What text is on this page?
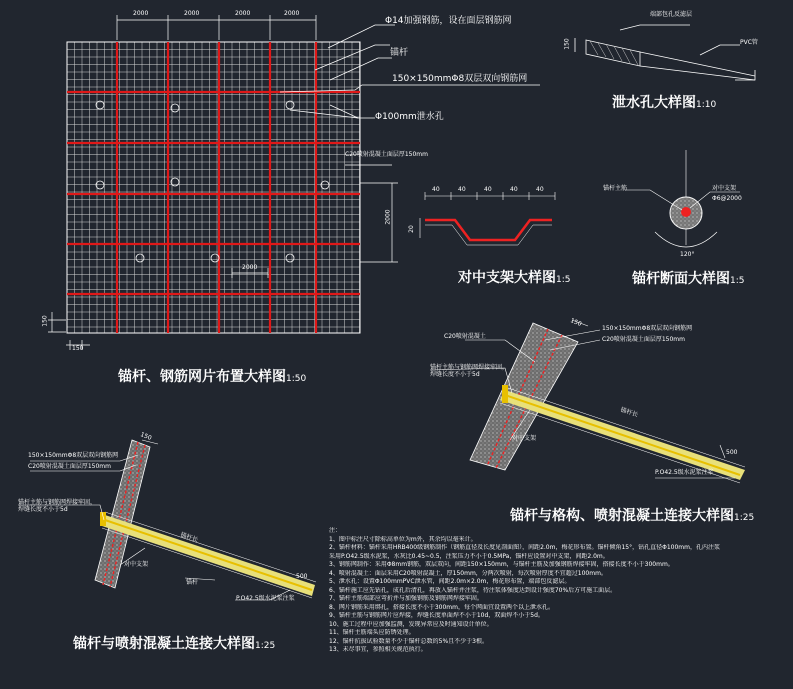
2000	2000	2000	2000
2000
2000
150
150
Φ14加强钢筋，设在面层钢筋网
锚杆
150×150mmΦ8双层双向钢筋网
Φ100mm泄水孔
C20喷射混凝土面层厚150mm
锚杆、钢筋网片布置大样图1:50
端部包孔反滤层
PVC管
150
泄水孔大样图1:10
40	40	40	40	40
20
对中支架大样图1:5
锚杆主筋	对中支架
Φ6@2000
120°
锚杆断面大样图1:5
C20喷射混凝土
150×150mmΦ8双层双向钢筋网
C20喷射混凝土面层厚150mm
锚杆主筋与钢筋网焊接牢固，焊缝长度不小于5d
对中支架
锚杆长
P.O42.5级水泥浆注浆
500
150
锚杆与格构、喷射混凝土连接大样图1:25
150×150mmΦ8双层双向钢筋网
C20喷射混凝土面层厚150mm
锚杆主筋与钢筋网焊接牢固，焊缝长度不小于5d
对中支架
锚杆
锚杆长
P.O42.5级水泥浆注浆
500
150
锚杆与喷射混凝土连接大样图1:25
注：
1、图中标注尺寸除标高单位为m外，其余均以毫米计。
2、锚杆材料：锚杆采用HRB400级钢筋制作（钢筋直径及长度见剖面图），间距2.0m，梅花形布置。锚杆倾角15°，钻孔直径Φ100mm，孔内注浆
采用P.O42.5级水泥浆，水灰比0.45~0.5，注浆压力不小于0.5MPa，锚杆应设置对中支架，间距2.0m。
3、钢筋网制作：采用Φ8mm钢筋，双层双向，间距150×150mm，与锚杆主筋及加强钢筋焊接牢固，搭接长度不小于300mm。
4、喷射混凝土：面层采用C20喷射混凝土，厚150mm，分两次喷射，每次喷射厚度不宜超过100mm。
5、泄水孔：设置Φ100mmPVC泄水管，间距2.0m×2.0m，梅花形布置，端部包反滤层。
6、锚杆施工应先钻孔，成孔后清孔，再放入锚杆并注浆，待注浆体强度达到设计强度70%后方可施工面层。
7、锚杆主筋端部应弯折并与加强钢筋及钢筋网焊接牢固。
8、网片钢筋采用绑扎，搭接长度不小于300mm，每个网面宜设置两个以上泄水孔。
9、锚杆主筋与钢筋网片应焊接，焊缝长度单面焊不小于10d，双面焊不小于5d。
10、施工过程中应加强监测，发现异常应及时通知设计单位。
11、锚杆主筋端头应防锈处理。
12、锚杆抗拔试验数量不少于锚杆总数的5%且不少于3根。
13、未尽事宜，参照相关规范执行。
